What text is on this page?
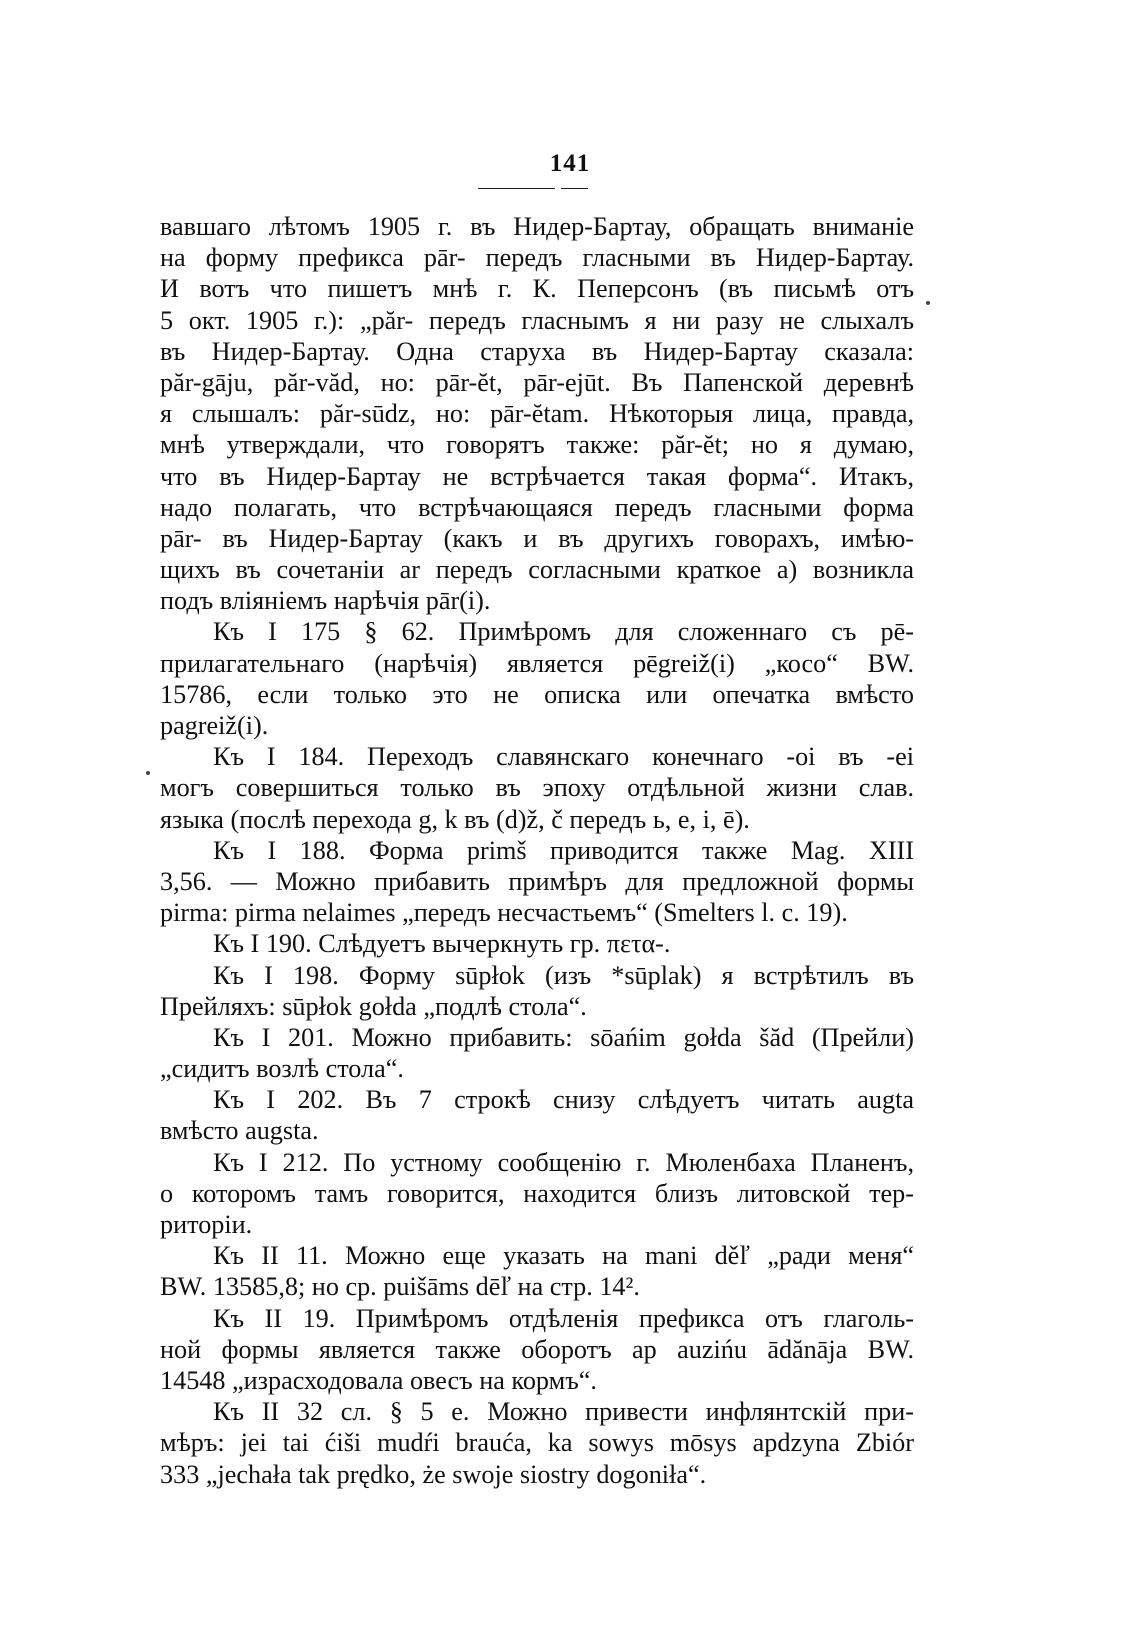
141
вавшаго лѣтомъ 1905 г. въ Нидер-Бартау, обращать вниманіе
на форму префикса pār- передъ гласными въ Нидер-Бартау.
И вотъ что пишетъ мнѣ г. К. Пеперсонъ (въ письмѣ отъ
5 окт. 1905 г.): „păr- передъ гласнымъ я ни разу не слыхалъ
въ Нидер-Бартау. Одна старуха въ Нидер-Бартау сказала:
păr-gāju, păr-văd, но: pār-ĕt, pār-ejūt. Въ Папенской деревнѣ
я слышалъ: păr-sūdz, но: pār-ĕtam. Нѣкоторыя лица, правда,
мнѣ утверждали, что говорятъ также: păr-ĕt; но я думаю,
что въ Нидер-Бартау не встрѣчается такая форма“. Итакъ,
надо полагать, что встрѣчающаяся передъ гласными форма
pār- въ Нидер-Бартау (какъ и въ другихъ говорахъ, имѣю-
щихъ въ сочетаніи ar передъ согласными краткое a) возникла
подъ вліяніемъ нарѣчія pār(i).
Къ I 175 § 62. Примѣромъ для сложеннаго съ pē-
прилагательнаго (нарѣчія) является pēgreiž(i) „косо“ BW.
15786, если только это не описка или опечатка вмѣсто
pagreiž(i).
Къ I 184. Переходъ славянскаго конечнаго -oi въ -ei
могъ совершиться только въ эпоху отдѣльной жизни слав.
языка (послѣ перехода g, k въ (d)ž, č передъ ь, e, i, ē).
Къ I 188. Форма primš приводится также Mag. XIII
3,56. — Можно прибавить примѣръ для предложной формы
pirma: pirma nelaimes „передъ несчастьемъ“ (Smelters l. c. 19).
Къ I 190. Слѣдуетъ вычеркнуть гр. πετα-.
Къ I 198. Форму sūpłok (изъ *sūplak) я встрѣтилъ въ
Прейляхъ: sūpłok gołda „подлѣ стола“.
Къ I 201. Можно прибавить: sōańim gołda šăd (Прейли)
„сидитъ возлѣ стола“.
Къ I 202. Въ 7 строкѣ снизу слѣдуетъ читать augta
вмѣсто augsta.
Къ I 212. По устному сообщенію г. Мюленбаха Планенъ,
о которомъ тамъ говорится, находится близъ литовской тер-
риторіи.
Къ II 11. Можно еще указать на mani děľ „ради меня“
BW. 13585,8; но ср. puišāms dēľ на стр. 14².
Къ II 19. Примѣромъ отдѣленія префикса отъ глаголь-
ной формы является также оборотъ ap auzińu ādănāja BW.
14548 „израсходовала овесъ на кормъ“.
Къ II 32 сл. § 5 e. Можно привести инфлянтскій при-
мѣръ: jei tai ćiši mudŕi brauća, ka sowys mōsys apdzyna Zbiór
333 „jechała tak prędko, że swoje siostry dogoniła“.
